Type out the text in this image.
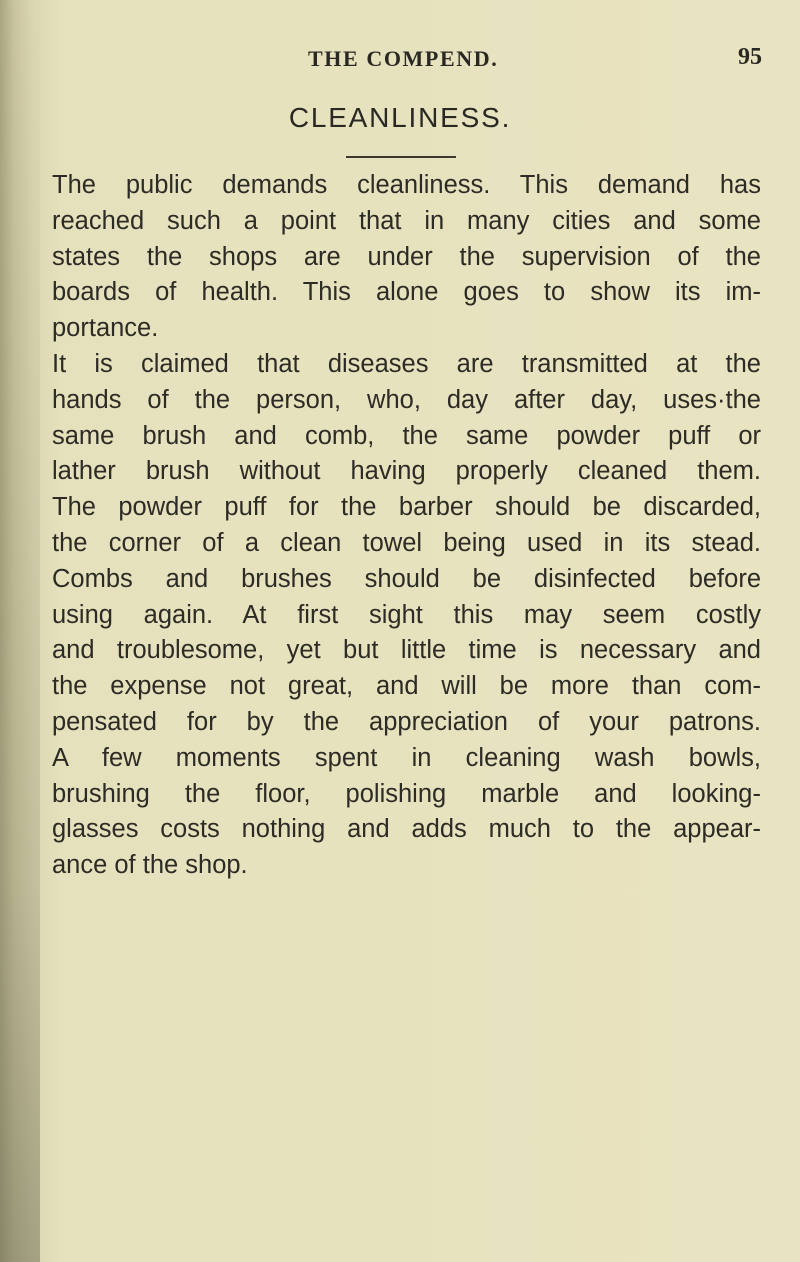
THE COMPEND.	95
CLEANLINESS.
The public demands cleanliness. This demand has
reached such a point that in many cities and some
states the shops are under the supervision of the
boards of health. This alone goes to show its im-
portance.
It is claimed that diseases are transmitted at the
hands of the person, who, day after day, uses·the
same brush and comb, the same powder puff or
lather brush without having properly cleaned them.
The powder puff for the barber should be discarded,
the corner of a clean towel being used in its stead.
Combs and brushes should be disinfected before
using again. At first sight this may seem costly
and troublesome, yet but little time is necessary and
the expense not great, and will be more than com-
pensated for by the appreciation of your patrons.
A few moments spent in cleaning wash bowls,
brushing the floor, polishing marble and looking-
glasses costs nothing and adds much to the appear-
ance of the shop.
